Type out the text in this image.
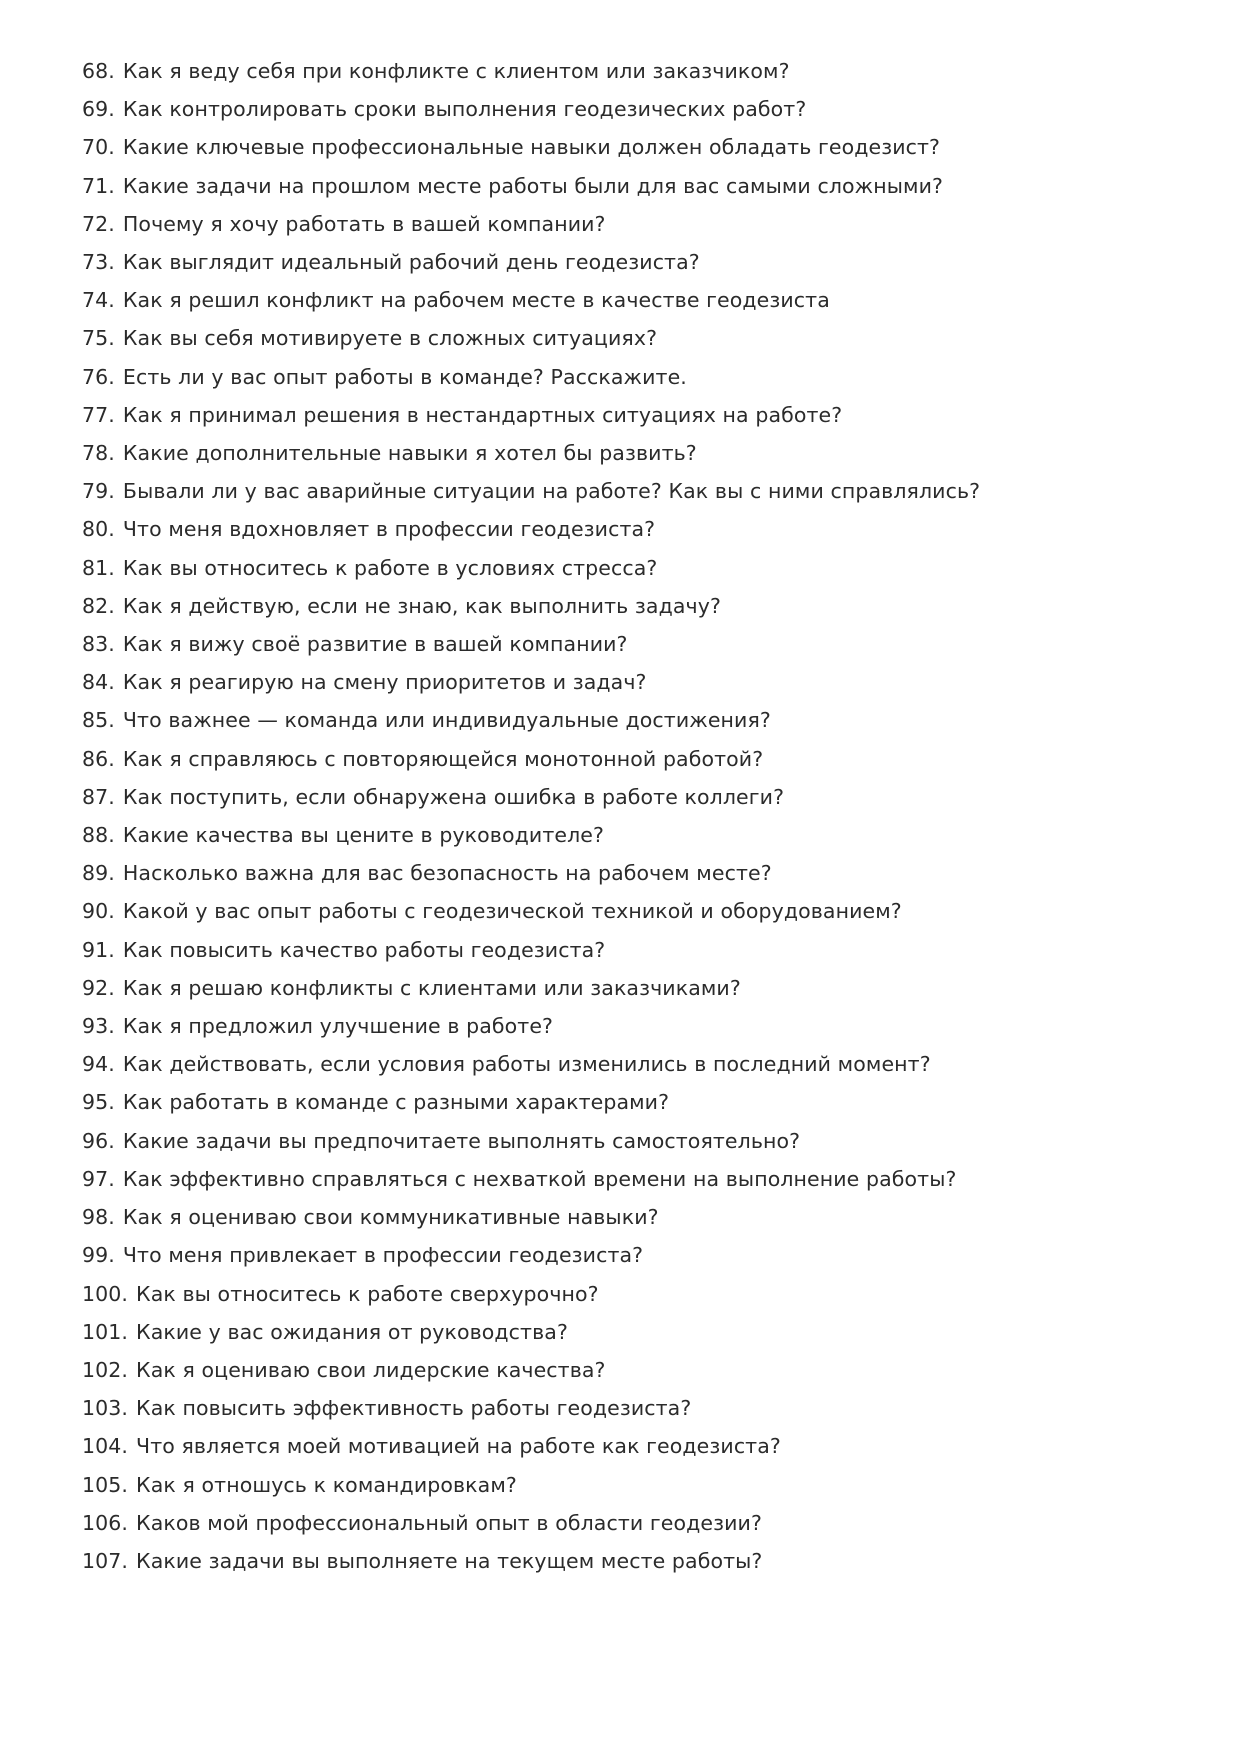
68. Как я веду себя при конфликте с клиентом или заказчиком?
69. Как контролировать сроки выполнения геодезических работ?
70. Какие ключевые профессиональные навыки должен обладать геодезист?
71. Какие задачи на прошлом месте работы были для вас самыми сложными?
72. Почему я хочу работать в вашей компании?
73. Как выглядит идеальный рабочий день геодезиста?
74. Как я решил конфликт на рабочем месте в качестве геодезиста
75. Как вы себя мотивируете в сложных ситуациях?
76. Есть ли у вас опыт работы в команде? Расскажите.
77. Как я принимал решения в нестандартных ситуациях на работе?
78. Какие дополнительные навыки я хотел бы развить?
79. Бывали ли у вас аварийные ситуации на работе? Как вы с ними справлялись?
80. Что меня вдохновляет в профессии геодезиста?
81. Как вы относитесь к работе в условиях стресса?
82. Как я действую, если не знаю, как выполнить задачу?
83. Как я вижу своё развитие в вашей компании?
84. Как я реагирую на смену приоритетов и задач?
85. Что важнее — команда или индивидуальные достижения?
86. Как я справляюсь с повторяющейся монотонной работой?
87. Как поступить, если обнаружена ошибка в работе коллеги?
88. Какие качества вы цените в руководителе?
89. Насколько важна для вас безопасность на рабочем месте?
90. Какой у вас опыт работы с геодезической техникой и оборудованием?
91. Как повысить качество работы геодезиста?
92. Как я решаю конфликты с клиентами или заказчиками?
93. Как я предложил улучшение в работе?
94. Как действовать, если условия работы изменились в последний момент?
95. Как работать в команде с разными характерами?
96. Какие задачи вы предпочитаете выполнять самостоятельно?
97. Как эффективно справляться с нехваткой времени на выполнение работы?
98. Как я оцениваю свои коммуникативные навыки?
99. Что меня привлекает в профессии геодезиста?
100. Как вы относитесь к работе сверхурочно?
101. Какие у вас ожидания от руководства?
102. Как я оцениваю свои лидерские качества?
103. Как повысить эффективность работы геодезиста?
104. Что является моей мотивацией на работе как геодезиста?
105. Как я отношусь к командировкам?
106. Каков мой профессиональный опыт в области геодезии?
107. Какие задачи вы выполняете на текущем месте работы?
